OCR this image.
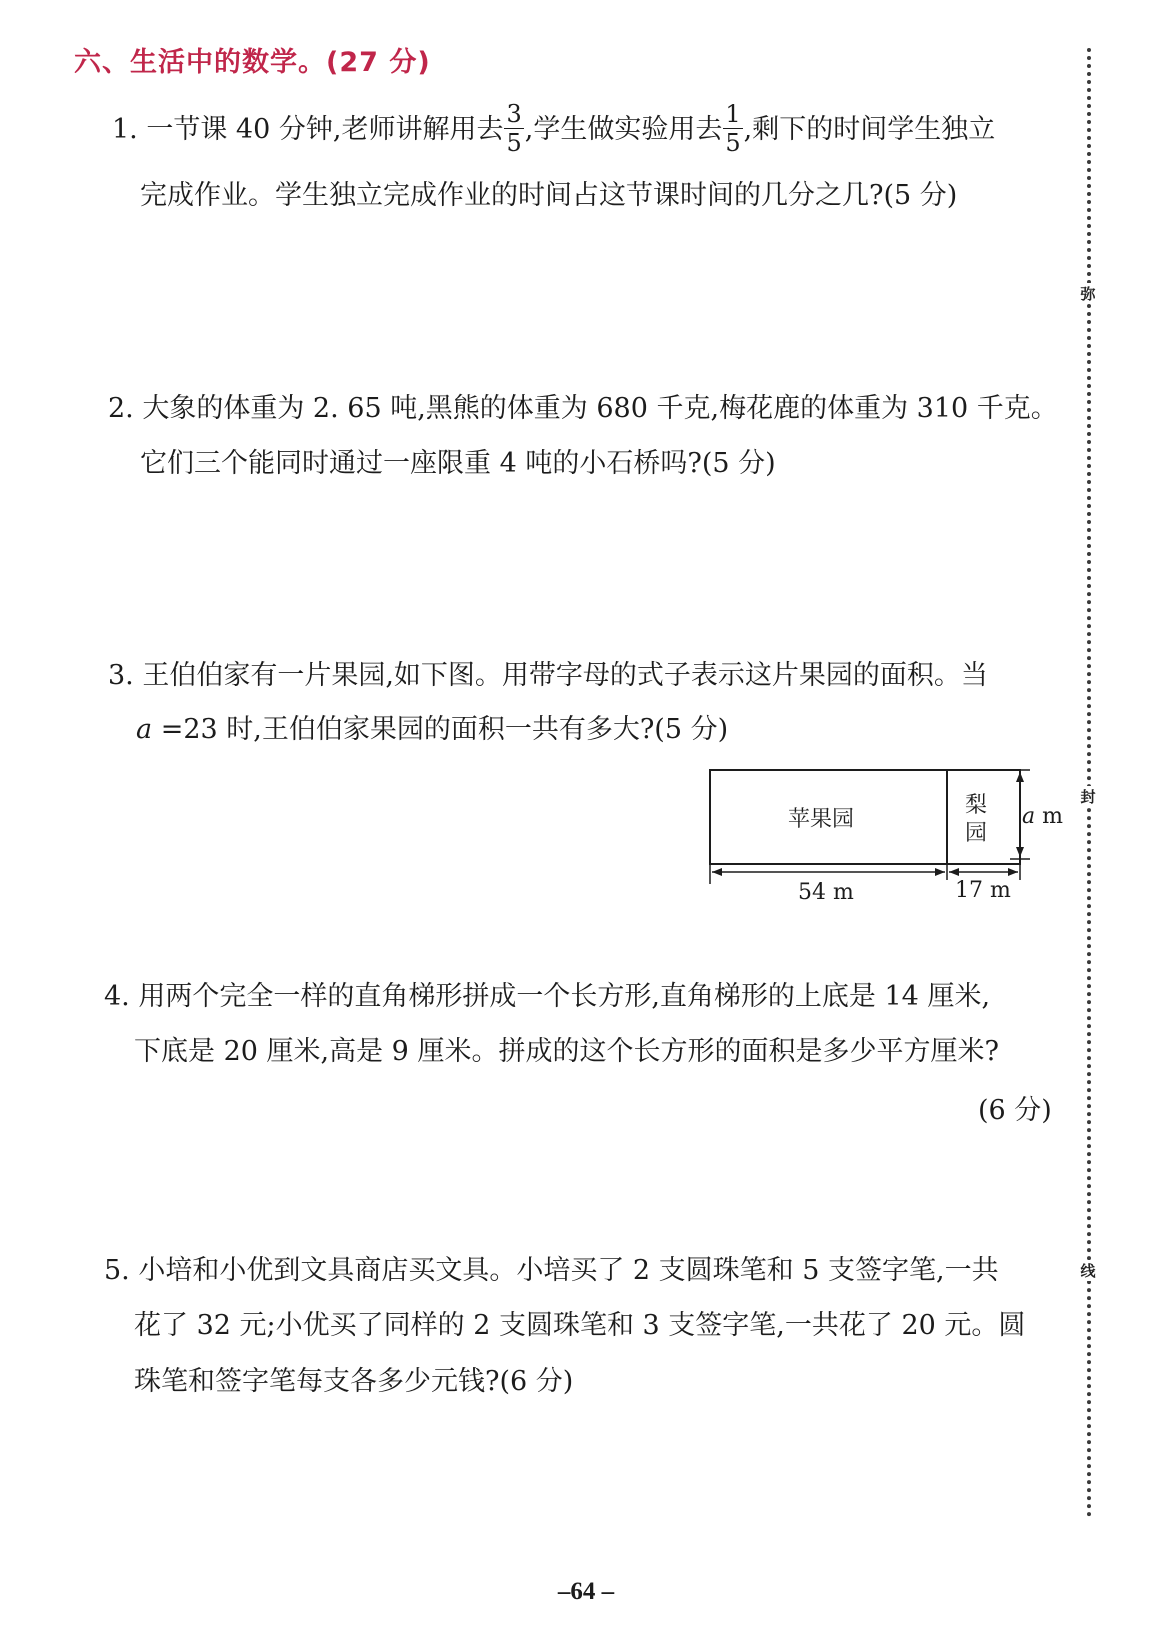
六、生活中的数学。(27 分)
1. 一节课 40 分钟,老师讲解用去 $\frac{3}{5}$ ,学生做实验用去 $\frac{1}{5}$ ,剩下的时间学生独立
完成作业。学生独立完成作业的时间占这节课时间的几分之几?(5 分)
2. 大象的体重为 2. 65 吨,黑熊的体重为 680 千克,梅花鹿的体重为 310 千克。
它们三个能同时通过一座限重 4 吨的小石桥吗?(5 分)
3. 王伯伯家有一片果园,如下图。用带字母的式子表示这片果园的面积。当
a =23 时,王伯伯家果园的面积一共有多大?(5 分)
苹果园
梨
园
a m
54 m	17 m
4. 用两个完全一样的直角梯形拼成一个长方形,直角梯形的上底是 14 厘米,
下底是 20 厘米,高是 9 厘米。拼成的这个长方形的面积是多少平方厘米?
(6 分)
5. 小培和小优到文具商店买文具。小培买了 2 支圆珠笔和 5 支签字笔,一共
花了 32 元;小优买了同样的 2 支圆珠笔和 3 支签字笔,一共花了 20 元。圆
珠笔和签字笔每支各多少元钱?(6 分)
弥
封
线
–64 –
